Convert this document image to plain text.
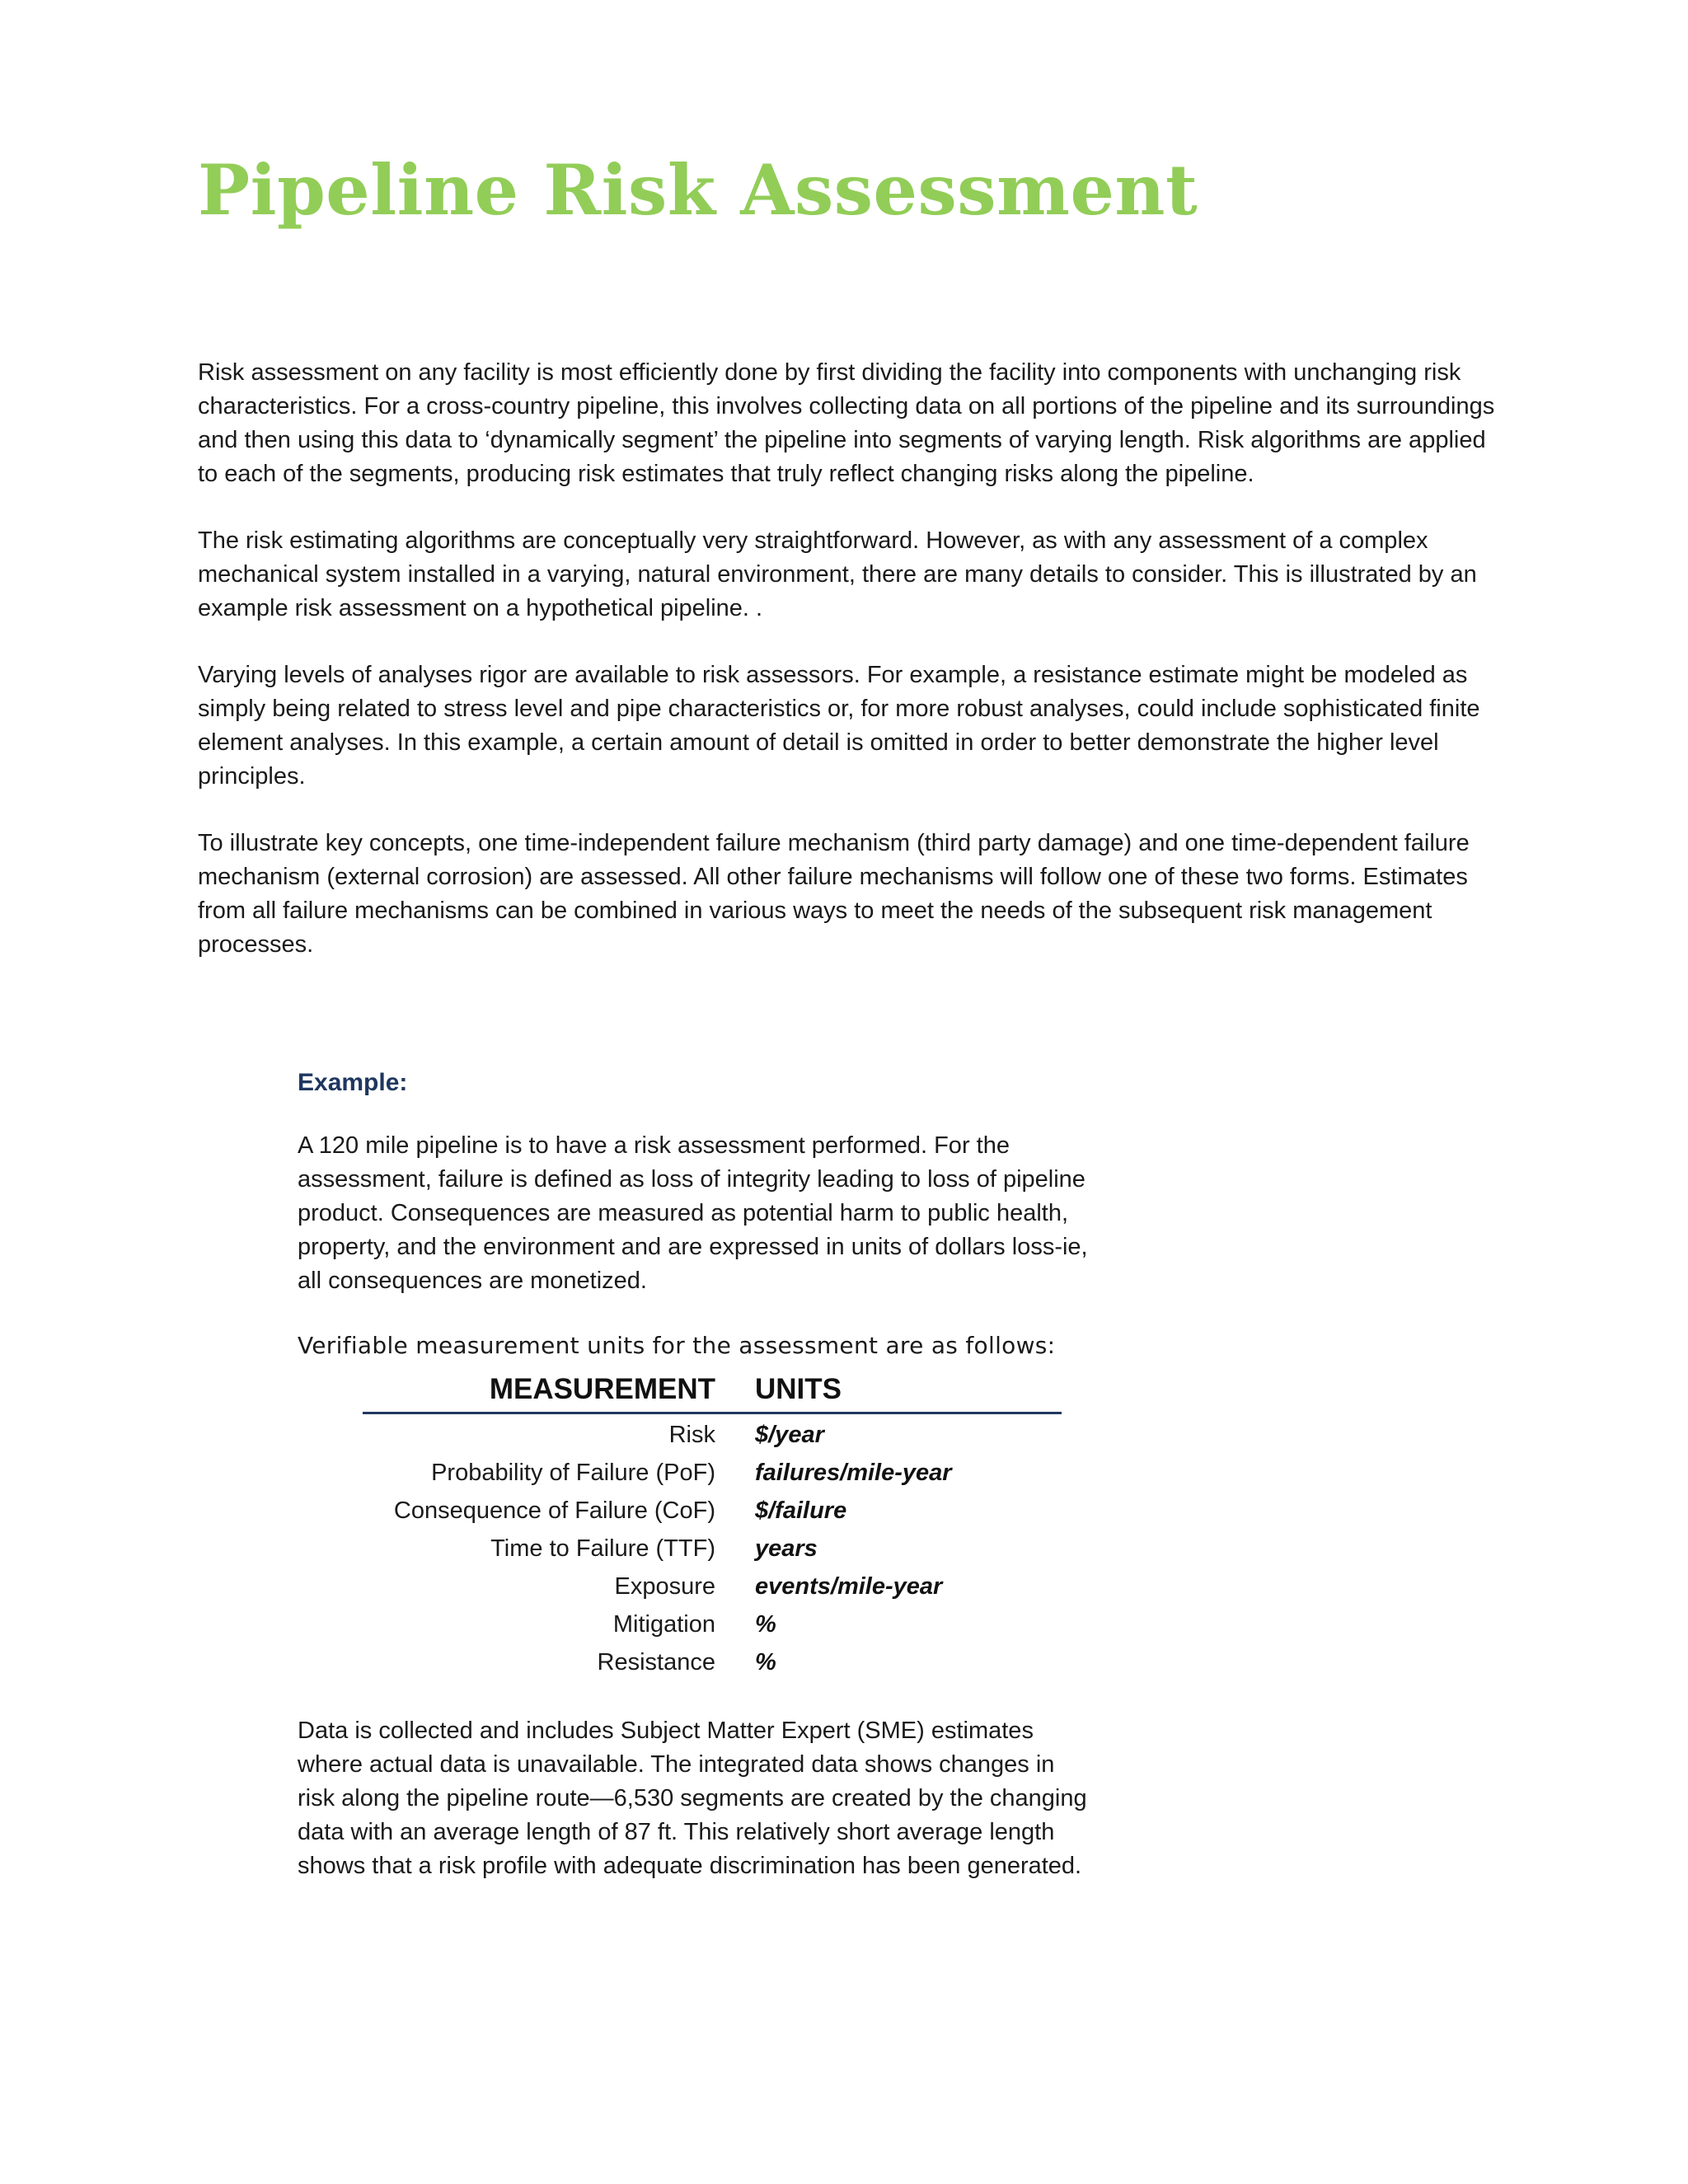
Pipeline Risk Assessment

Risk assessment on any facility is most efficiently done by first dividing the facility into components with unchanging risk characteristics. For a cross-country pipeline, this involves collecting data on all portions of the pipeline and its surroundings and then using this data to ‘dynamically segment’ the pipeline into segments of varying length. Risk algorithms are applied to each of the segments, producing risk estimates that truly reflect changing risks along the pipeline.

The risk estimating algorithms are conceptually very straightforward. However, as with any assessment of a complex mechanical system installed in a varying, natural environment, there are many details to consider. This is illustrated by an example risk assessment on a hypothetical pipeline. .

Varying levels of analyses rigor are available to risk assessors. For example, a resistance estimate might be modeled as simply being related to stress level and pipe characteristics or, for more robust analyses, could include sophisticated finite element analyses. In this example, a certain amount of detail is omitted in order to better demonstrate the higher level principles.

To illustrate key concepts, one time-independent failure mechanism (third party damage) and one time-dependent failure mechanism (external corrosion) are assessed. All other failure mechanisms will follow one of these two forms. Estimates from all failure mechanisms can be combined in various ways to meet the needs of the subsequent risk management processes.

Example:

A 120 mile pipeline is to have a risk assessment performed. For the assessment, failure is defined as loss of integrity leading to loss of pipeline product. Consequences are measured as potential harm to public health, property, and the environment and are expressed in units of dollars loss-ie, all consequences are monetized.

Verifiable measurement units for the assessment are as follows:

MEASUREMENT	UNITS
Risk	$/year
Probability of Failure (PoF)	failures/mile-year
Consequence of Failure (CoF)	$/failure
Time to Failure (TTF)	years
Exposure	events/mile-year
Mitigation	%
Resistance	%

Data is collected and includes Subject Matter Expert (SME) estimates where actual data is unavailable. The integrated data shows changes in risk along the pipeline route—6,530 segments are created by the changing data with an average length of 87 ft. This relatively short average length shows that a risk profile with adequate discrimination has been generated.
